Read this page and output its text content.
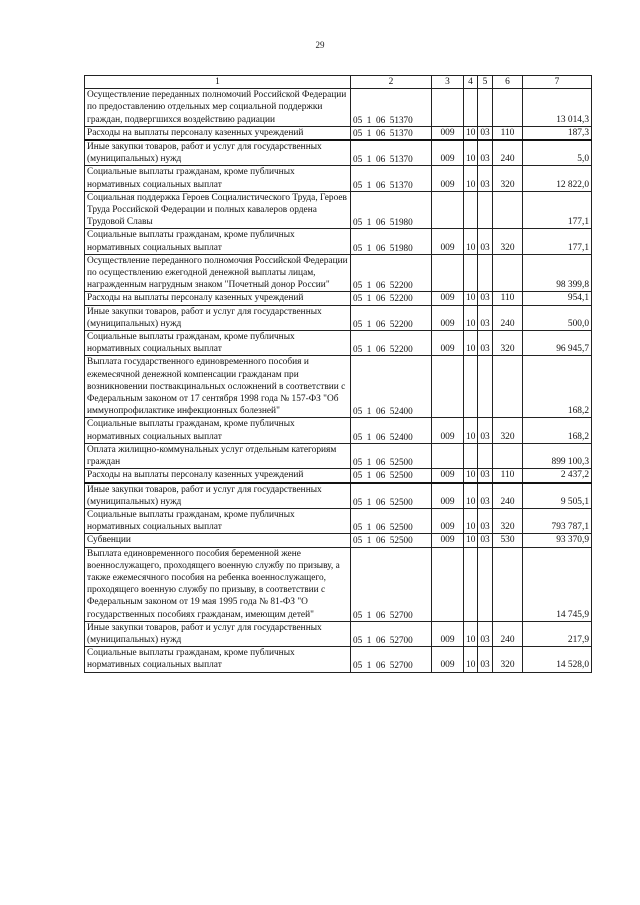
29
1	2	3	4	5	6	7
Осуществление переданных полномочий Российской Федерации по предоставлению отдельных мер социальной поддержки граждан, подвергшихся воздействию радиации	05  1  06  51370					13 014,3
Расходы на выплаты персоналу казенных учреждений	05  1  06  51370	009	10	03	110	187,3
Иные закупки товаров, работ и услуг для государственных (муниципальных) нужд	05  1  06  51370	009	10	03	240	5,0
Социальные выплаты гражданам, кроме публичных нормативных социальных выплат	05  1  06  51370	009	10	03	320	12 822,0
Социальная поддержка Героев Социалистического Труда, Героев Труда Российской Федерации и полных кавалеров ордена Трудовой Славы	05  1  06  51980					177,1
Социальные выплаты гражданам, кроме публичных нормативных социальных выплат	05  1  06  51980	009	10	03	320	177,1
Осуществление переданного полномочия Российской Федерации по осуществлению ежегодной денежной выплаты лицам, награжденным нагрудным знаком "Почетный донор России"	05  1  06  52200					98 399,8
Расходы на выплаты персоналу казенных учреждений	05  1  06  52200	009	10	03	110	954,1
Иные закупки товаров, работ и услуг для государственных (муниципальных) нужд	05  1  06  52200	009	10	03	240	500,0
Социальные выплаты гражданам, кроме публичных нормативных социальных выплат	05  1  06  52200	009	10	03	320	96 945,7
Выплата государственного единовременного пособия и ежемесячной денежной компенсации гражданам при возникновении поствакцинальных осложнений в соответствии с Федеральным законом от 17 сентября 1998 года № 157-ФЗ "Об иммунопрофилактике инфекционных болезней"	05  1  06  52400					168,2
Социальные выплаты гражданам, кроме публичных нормативных социальных выплат	05  1  06  52400	009	10	03	320	168,2
Оплата жилищно-коммунальных услуг отдельным категориям граждан	05  1  06  52500					899 100,3
Расходы на выплаты персоналу казенных учреждений	05  1  06  52500	009	10	03	110	2 437,2
Иные закупки товаров, работ и услуг для государственных (муниципальных) нужд	05  1  06  52500	009	10	03	240	9 505,1
Социальные выплаты гражданам, кроме публичных нормативных социальных выплат	05  1  06  52500	009	10	03	320	793 787,1
Субвенции	05  1  06  52500	009	10	03	530	93 370,9
Выплата единовременного пособия беременной жене военнослужащего, проходящего военную службу по призыву, а также ежемесячного пособия на ребенка военнослужащего, проходящего военную службу по призыву, в соответствии с Федеральным законом от 19 мая 1995 года № 81-ФЗ "О государственных пособиях гражданам, имеющим детей"	05  1  06  52700					14 745,9
Иные закупки товаров, работ и услуг для государственных (муниципальных) нужд	05  1  06  52700	009	10	03	240	217,9
Социальные выплаты гражданам, кроме публичных нормативных социальных выплат	05  1  06  52700	009	10	03	320	14 528,0
